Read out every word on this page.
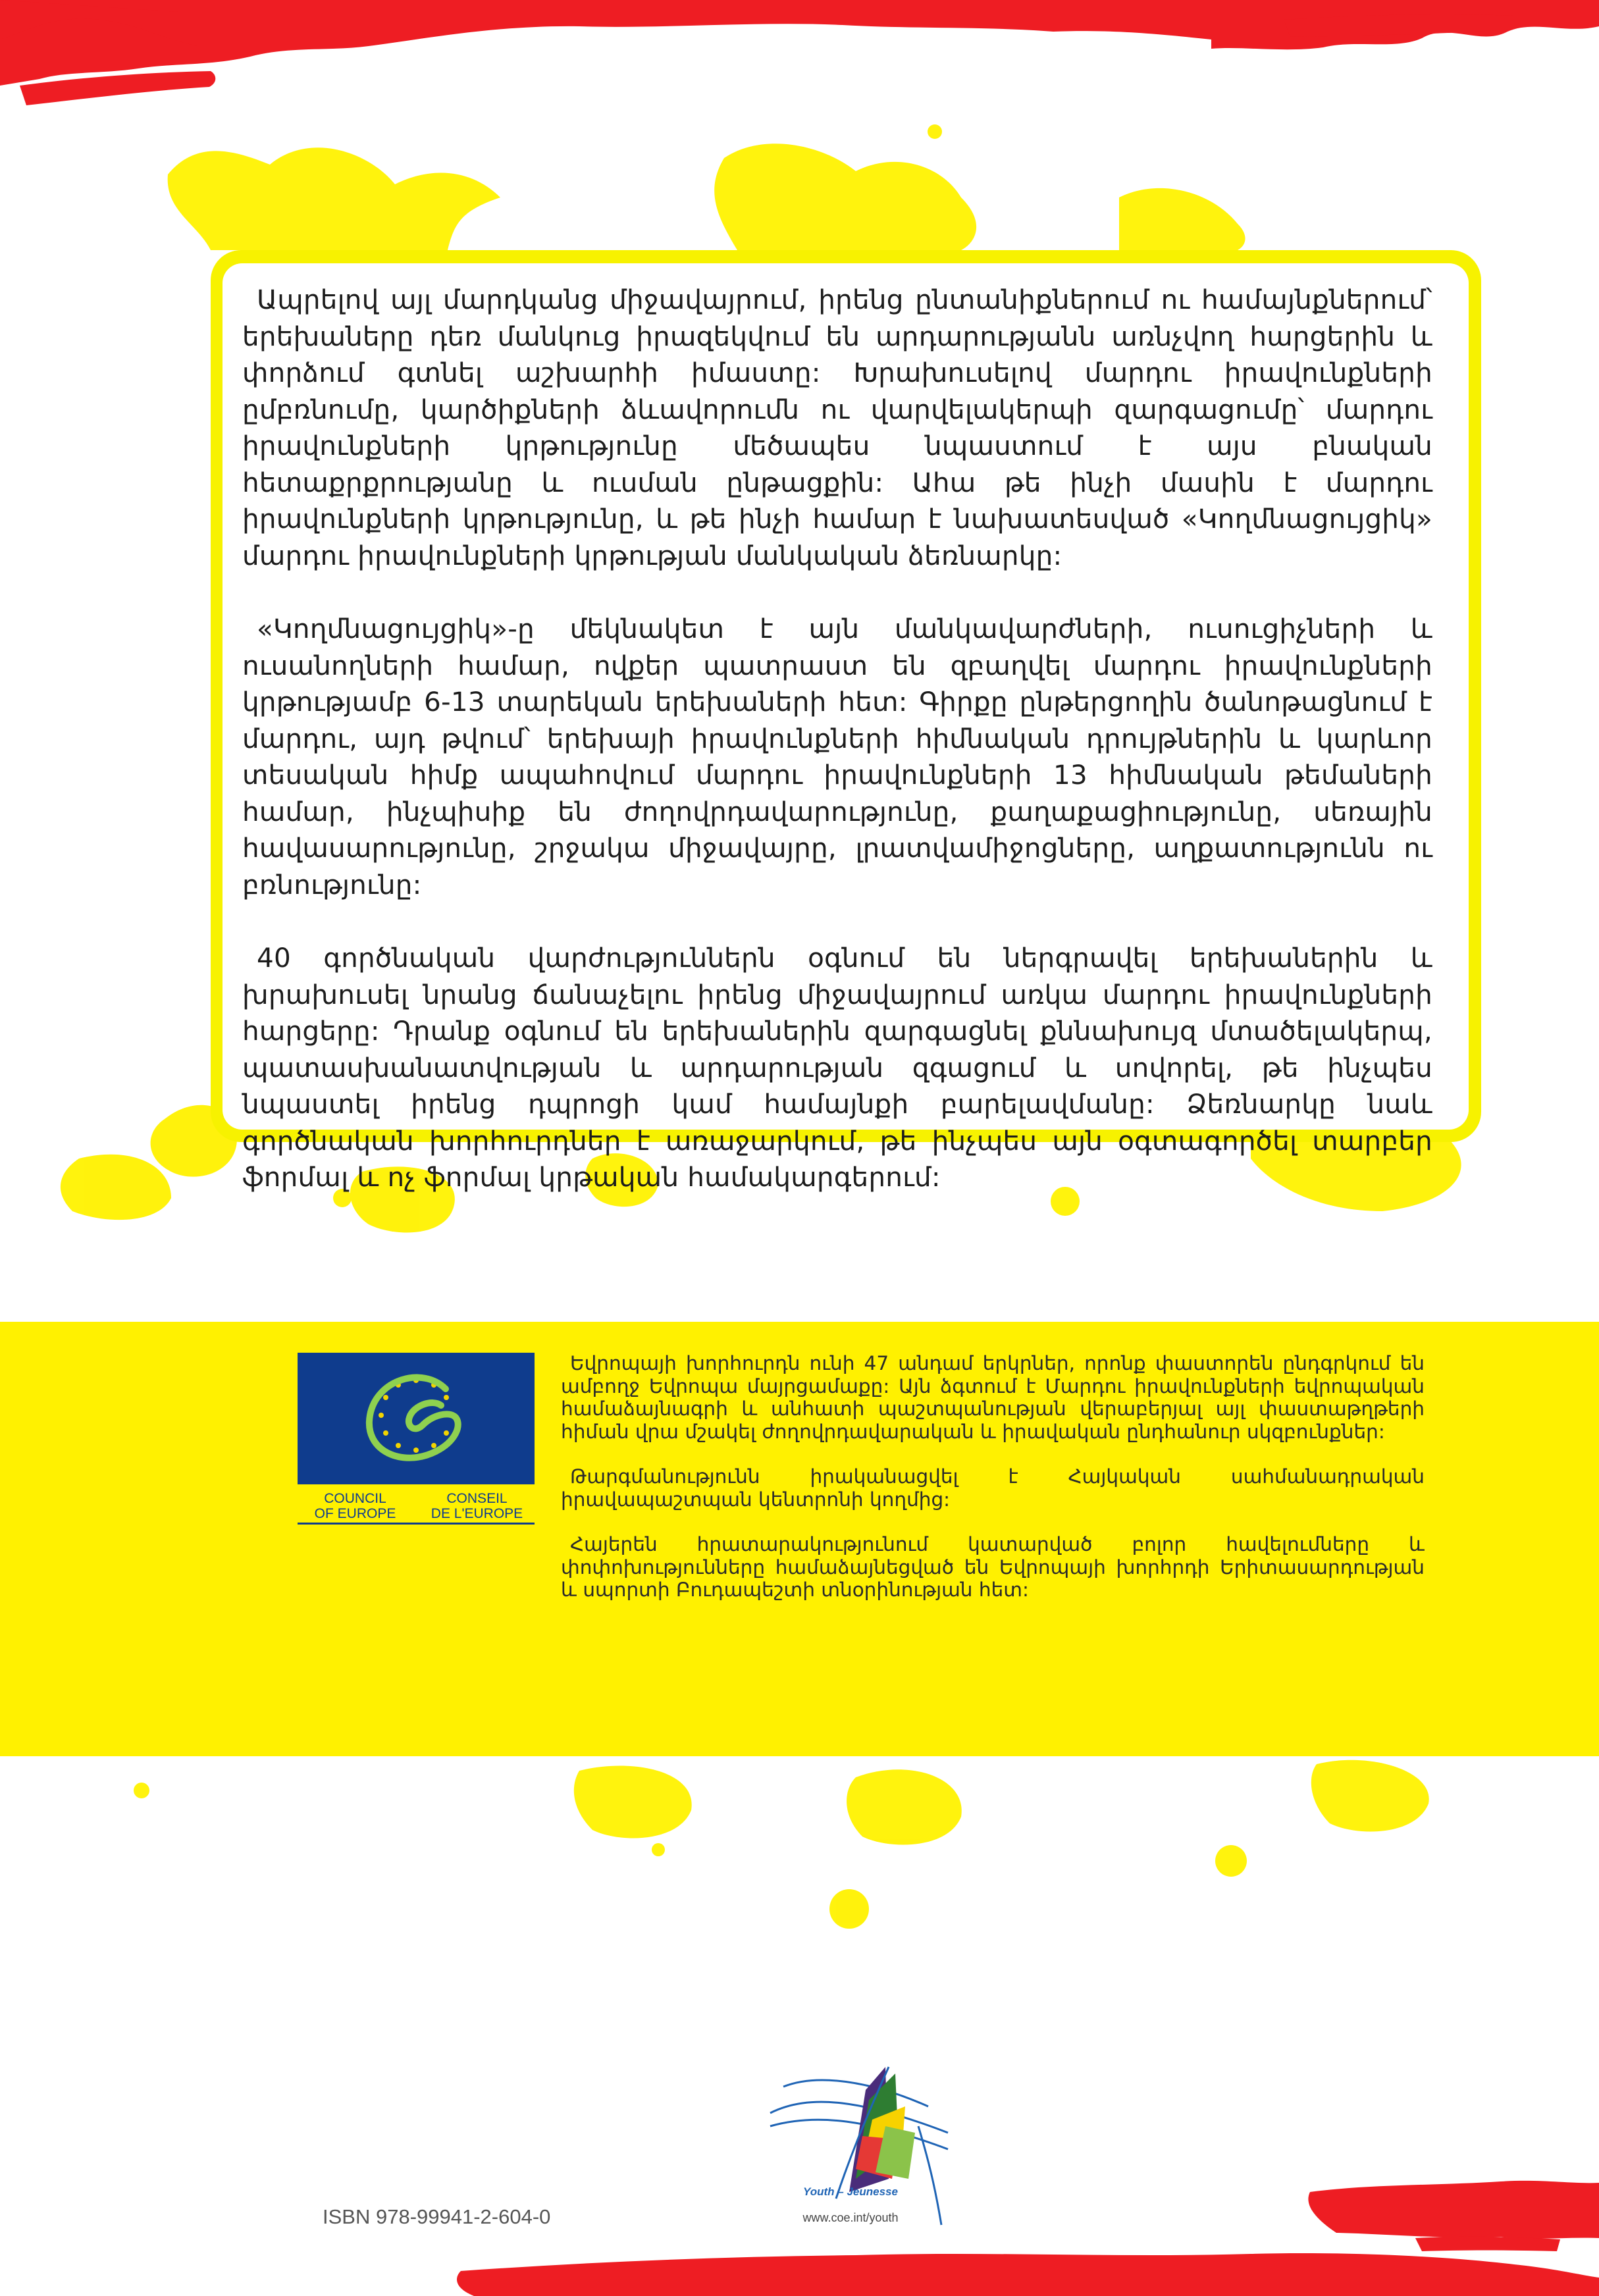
Ապրելով այլ մարդկանց միջավայրում, իրենց ընտանիքներում ու համայնքներում՝ երեխաները դեռ մանկուց իրազեկվում են արդարությանն առնչվող հարցերին և փորձում գտնել աշխարհի իմաստը: Խրախուսելով մարդու իրավունքների ըմբռնումը, կարծիքների ձևավորումն ու վարվելակերպի զարգացումը՝ մարդու իրավունքների կրթությունը մեծապես նպաստում է այս բնական հետաքրքրությանը և ուսման ընթացքին: Ահա թե ինչի մասին է մարդու իրավունքների կրթությունը, և թե ինչի համար է նախատեսված «Կողմնացույցիկ» մարդու իրավունքների կրթության մանկական ձեռնարկը:

«Կողմնացույցիկ»-ը մեկնակետ է այն մանկավարժների, ուսուցիչների և ուսանողների համար, ովքեր պատրաստ են զբաղվել մարդու իրավունքների կրթությամբ 6-13 տարեկան երեխաների հետ: Գիրքը ընթերցողին ծանոթացնում է մարդու, այդ թվում՝ երեխայի իրավունքների հիմնական դրույթներին և կարևոր տեսական հիմք ապահովում մարդու իրավունքների 13 հիմնական թեմաների համար, ինչպիսիք են ժողովրդավարությունը, քաղաքացիությունը, սեռային հավասարությունը, շրջակա միջավայրը, լրատվամիջոցները, աղքատությունն ու բռնությունը:

40 գործնական վարժություններն օգնում են ներգրավել երեխաներին և խրախուսել նրանց ճանաչելու իրենց միջավայրում առկա մարդու իրավունքների հարցերը: Դրանք օգնում են երեխաներին զարգացնել քննախույզ մտածելակերպ, պատասխանատվության և արդարության զգացում և սովորել, թե ինչպես նպաստել իրենց դպրոցի կամ համայնքի բարելավմանը: Ձեռնարկը նաև գործնական խորհուրդներ է առաջարկում, թե ինչպես այն օգտագործել տարբեր ֆորմալ և ոչ ֆորմալ կրթական համակարգերում:

COUNCIL
OF EUROPE
CONSEIL
DE L'EUROPE

Եվրոպայի խորհուրդն ունի 47 անդամ երկրներ, որոնք փաստորեն ընդգրկում են ամբողջ Եվրոպա մայրցամաքը: Այն ձգտում է Մարդու իրավունքների եվրոպական համաձայնագրի և անհատի պաշտպանության վերաբերյալ այլ փաստաթղթերի հիման վրա մշակել ժողովրդավարական և իրավական ընդհանուր սկզբունքներ:

Թարգմանությունն իրականացվել է Հայկական սահմանադրական իրավապաշտպան կենտրոնի կողմից:

Հայերեն հրատարակությունում կատարված բոլոր հավելումները և փոփոխությունները համաձայնեցված են Եվրոպայի խորհրդի Երիտասարդության և սպորտի Բուդապեշտի տնօրինության հետ:

ISBN 978-99941-2-604-0
Youth – Jeunesse
www.coe.int/youth
